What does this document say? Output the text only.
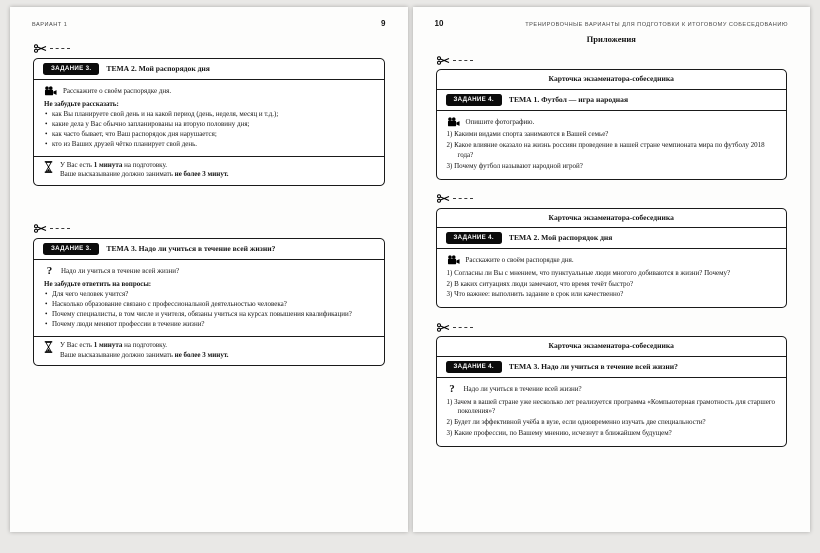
ВАРИАНТ 1	9
ЗАДАНИЕ 3.	ТЕМА 2. Мой распорядок дня
Расскажите о своём распорядке дня.
Не забудьте рассказать:
• как Вы планируете свой день и на какой период (день, неделя, месяц и т.д.);
• какие дела у Вас обычно запланированы на вторую половину дня;
• как часто бывает, что Ваш распорядок дня нарушается;
• кто из Ваших друзей чётко планирует свой день.
У Вас есть 1 минута на подготовку.
Ваше высказывание должно занимать не более 3 минут.
ЗАДАНИЕ 3.	ТЕМА 3. Надо ли учиться в течение всей жизни?
?	Надо ли учиться в течение всей жизни?
Не забудьте ответить на вопросы:
• Для чего человек учится?
• Насколько образование связано с профессиональной деятельностью человека?
• Почему специалисты, в том числе и учителя, обязаны учиться на курсах повышения квалификации?
• Почему люди меняют профессии в течение жизни?
У Вас есть 1 минута на подготовку.
Ваше высказывание должно занимать не более 3 минут.
10	ТРЕНИРОВОЧНЫЕ ВАРИАНТЫ ДЛЯ ПОДГОТОВКИ К ИТОГОВОМУ СОБЕСЕДОВАНИЮ
Приложения
Карточка экзаменатора-собеседника
ЗАДАНИЕ 4.	ТЕМА 1. Футбол — игра народная
Опишите фотографию.
1) Какими видами спорта занимаются в Вашей семье?
2) Какое влияние оказало на жизнь россиян проведение в нашей стране чемпионата мира по футболу 2018 года?
3) Почему футбол называют народной игрой?
Карточка экзаменатора-собеседника
ЗАДАНИЕ 4.	ТЕМА 2. Мой распорядок дня
Расскажите о своём распорядке дня.
1) Согласны ли Вы с мнением, что пунктуальные люди многого добиваются в жизни? Почему?
2) В каких ситуациях люди замечают, что время течёт быстро?
3) Что важнее: выполнить задание в срок или качественно?
Карточка экзаменатора-собеседника
ЗАДАНИЕ 4.	ТЕМА 3. Надо ли учиться в течение всей жизни?
?	Надо ли учиться в течение всей жизни?
1) Зачем в вашей стране уже несколько лет реализуется программа «Компьютерная грамотность для старшего поколения»?
2) Будет ли эффективной учёба в вузе, если одновременно изучать две специальности?
3) Какие профессии, по Вашему мнению, исчезнут в ближайшем будущем?
